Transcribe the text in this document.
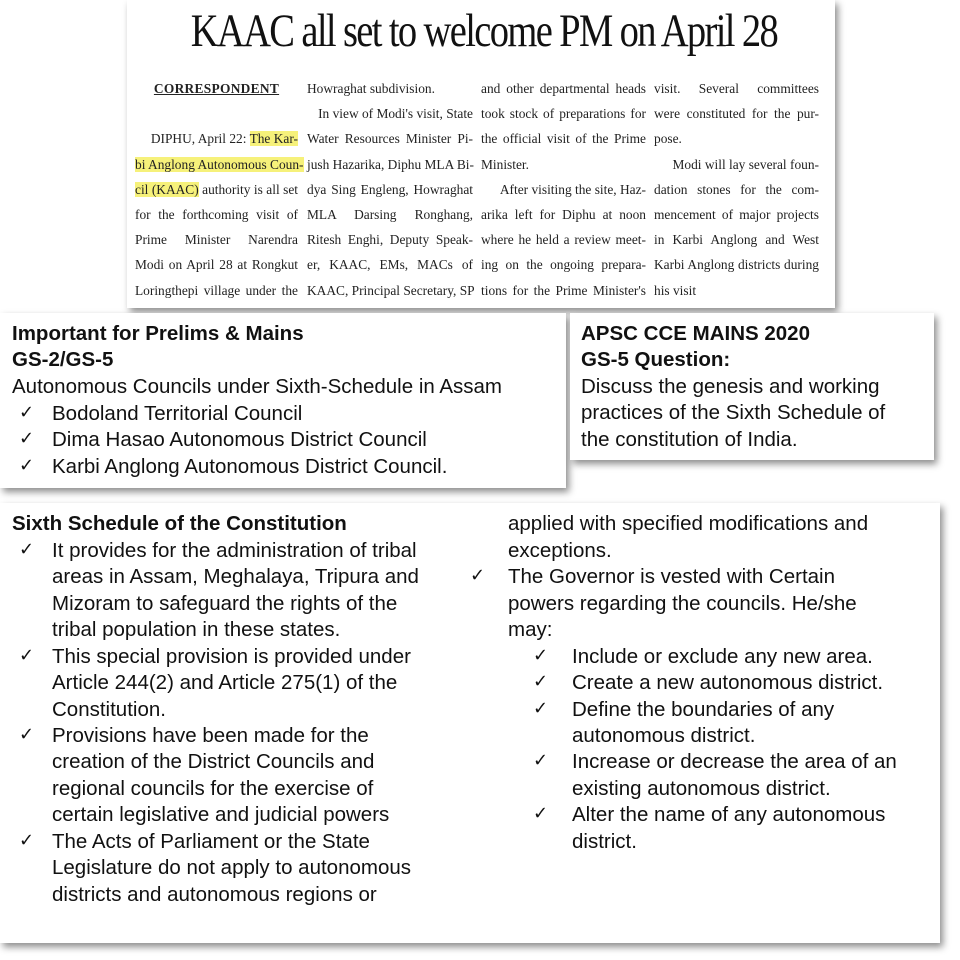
KAAC all set to welcome PM on April 28
CORRESPONDENT

DIPHU, April 22: The Kar-
bi Anglong Autonomous Coun-
cil (KAAC) authority is all set
for the forthcoming visit of
Prime Minister Narendra
Modi on April 28 at Rongkut
Loringthepi village under the
Howraghat subdivision.
In view of Modi's visit, State
Water Resources Minister Pi-
jush Hazarika, Diphu MLA Bi-
dya Sing Engleng, Howraghat
MLA Darsing Ronghang,
Ritesh Enghi, Deputy Speak-
er, KAAC, EMs, MACs of
KAAC, Principal Secretary, SP
and other departmental heads
took stock of preparations for
the official visit of the Prime
Minister.
After visiting the site, Haz-
arika left for Diphu at noon
where he held a review meet-
ing on the ongoing prepara-
tions for the Prime Minister's
visit. Several committees
were constituted for the pur-
pose.
Modi will lay several foun-
dation stones for the com-
mencement of major projects
in Karbi Anglong and West
Karbi Anglong districts during
his visit
Important for Prelims & Mains
GS-2/GS-5
Autonomous Councils under Sixth-Schedule in Assam
✓ Bodoland Territorial Council
✓ Dima Hasao Autonomous District Council
✓ Karbi Anglong Autonomous District Council.
APSC CCE MAINS 2020
GS-5 Question:
Discuss the genesis and working
practices of the Sixth Schedule of
the constitution of India.
Sixth Schedule of the Constitution
✓ It provides for the administration of tribal
areas in Assam, Meghalaya, Tripura and
Mizoram to safeguard the rights of the
tribal population in these states.
✓ This special provision is provided under
Article 244(2) and Article 275(1) of the
Constitution.
✓ Provisions have been made for the
creation of the District Councils and
regional councils for the exercise of
certain legislative and judicial powers
✓ The Acts of Parliament or the State
Legislature do not apply to autonomous
districts and autonomous regions or
applied with specified modifications and
exceptions.
✓ The Governor is vested with Certain
powers regarding the councils. He/she
may:
✓ Include or exclude any new area.
✓ Create a new autonomous district.
✓ Define the boundaries of any
autonomous district.
✓ Increase or decrease the area of an
existing autonomous district.
✓ Alter the name of any autonomous
district.
